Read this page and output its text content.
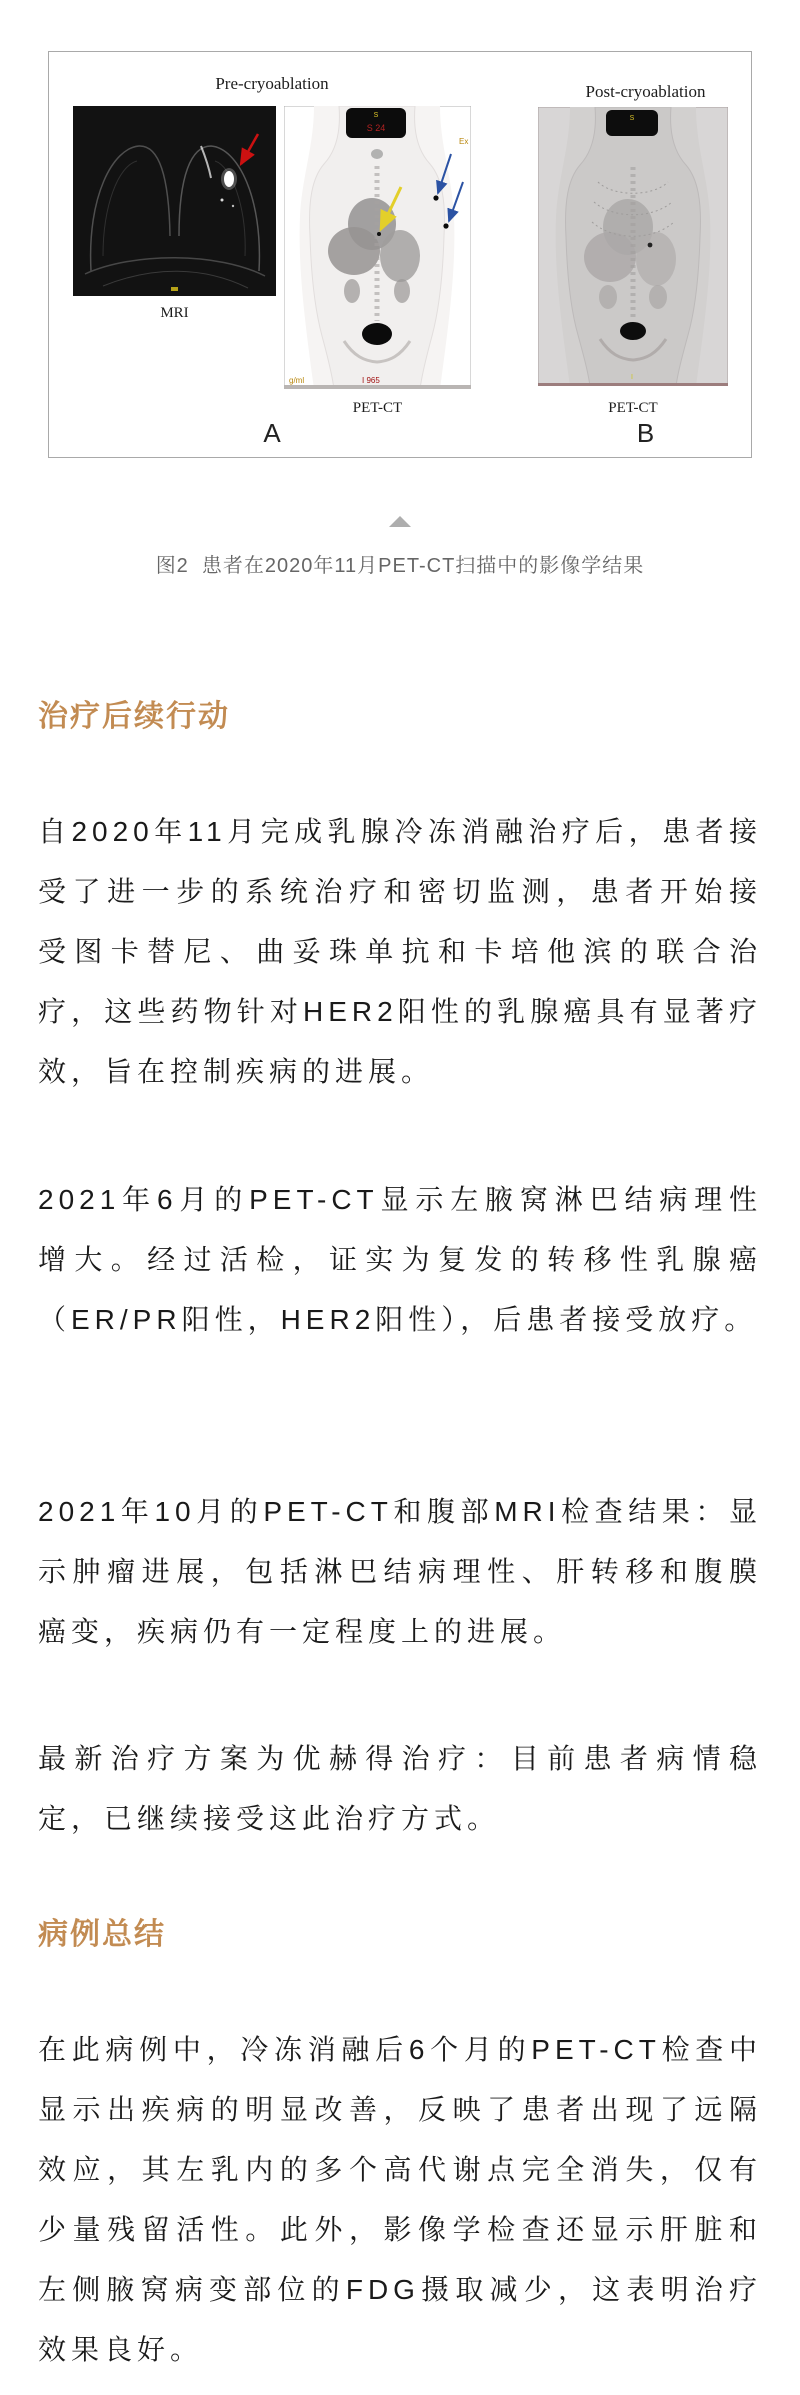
Pre-cryoablation	Post-cryoablation
S
S 24
Ex
g/ml	I 965
S
I
MRI
PET-CT	PET-CT
A	B
图2  患者在2020年11月PET-CT扫描中的影像学结果
治疗后续行动

自2020年11月完成乳腺冷冻消融治疗后，患者接受了进一步的系统治疗和密切监测，患者开始接受图卡替尼、曲妥珠单抗和卡培他滨的联合治疗，这些药物针对HER2阳性的乳腺癌具有显著疗效，旨在控制疾病的进展。

2021年6月的PET-CT显示左腋窝淋巴结病理性增大。经过活检，证实为复发的转移性乳腺癌（ER/PR阳性，HER2阳性），后患者接受放疗。

2021年10月的PET-CT和腹部MRI检查结果：显示肿瘤进展，包括淋巴结病理性、肝转移和腹膜癌变，疾病仍有一定程度上的进展。

最新治疗方案为优赫得治疗：目前患者病情稳定，已继续接受这此治疗方式。

病例总结

在此病例中，冷冻消融后6个月的PET-CT检查中显示出疾病的明显改善，反映了患者出现了远隔效应，其左乳内的多个高代谢点完全消失，仅有少量残留活性。此外，影像学检查还显示肝脏和左侧腋窝病变部位的FDG摄取减少，这表明治疗效果良好。
